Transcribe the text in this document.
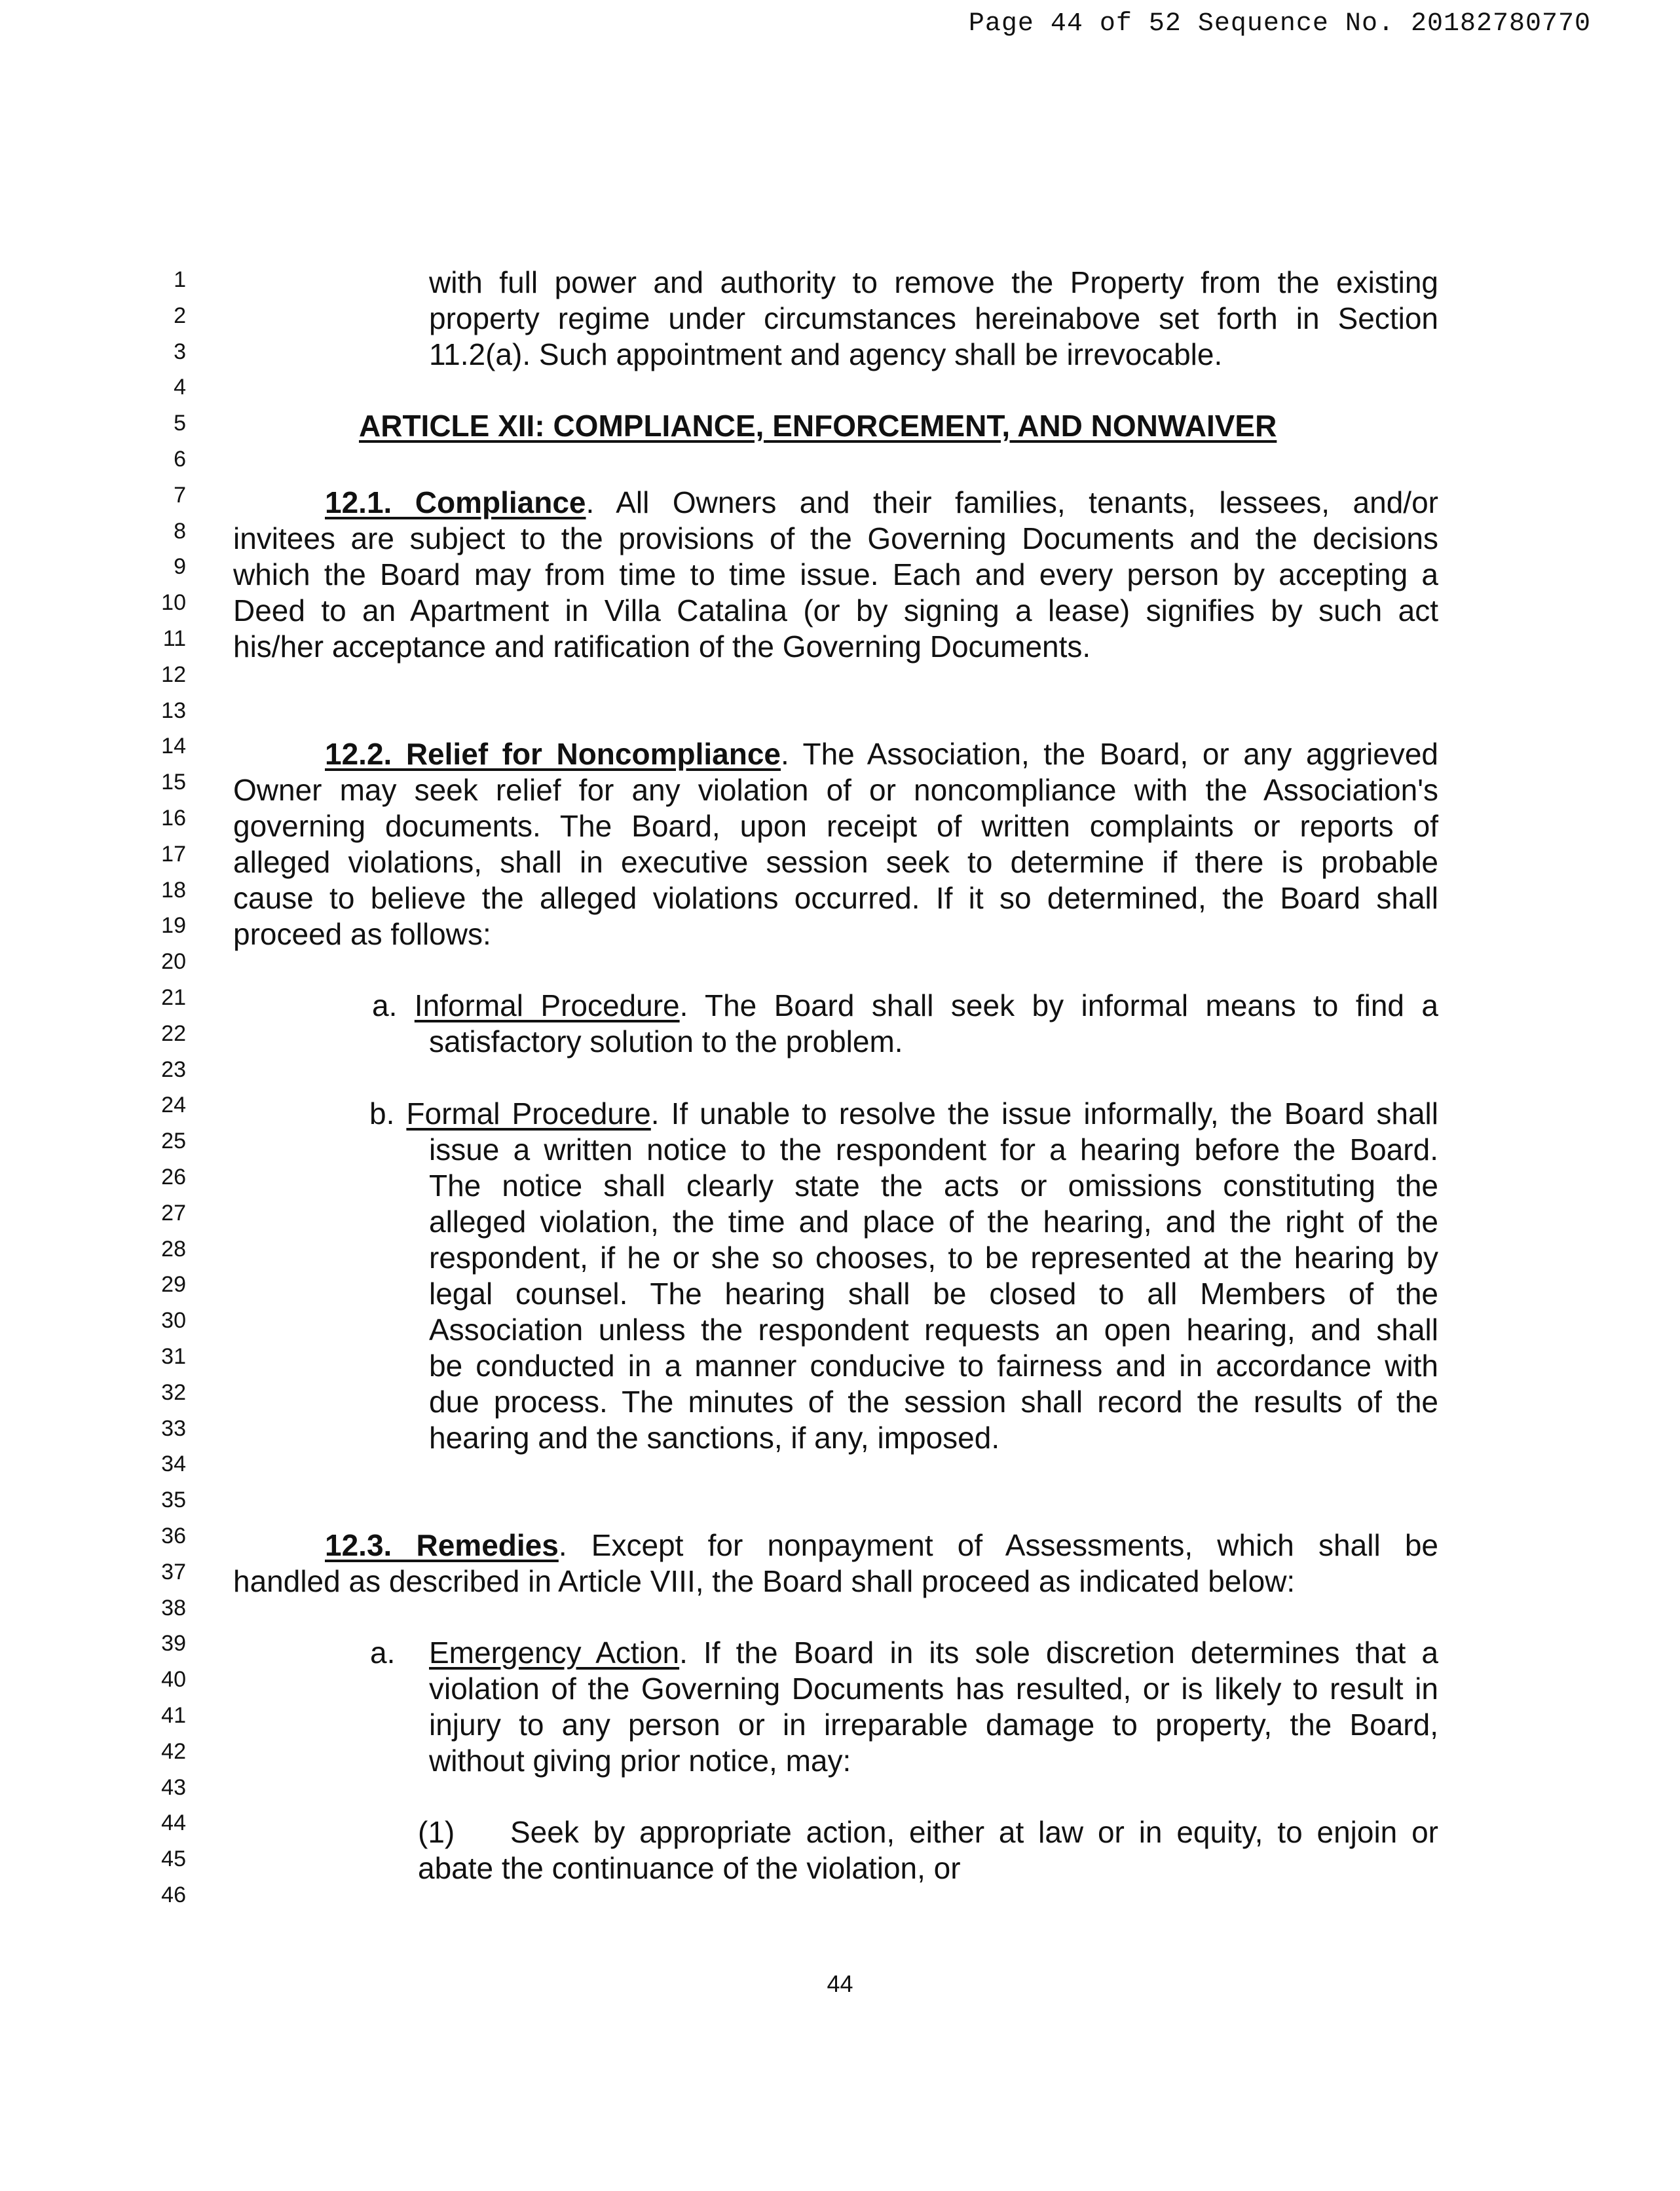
Page 44 of 52 Sequence No. 20182780770
1
2
3
4
5
6
7
8
9
10
11
12
13
14
15
16
17
18
19
20
21
22
23
24
25
26
27
28
29
30
31
32
33
34
35
36
37
38
39
40
41
42
43
44
45
46
with full power and authority to remove the Property from the existing
property regime under circumstances hereinabove set forth in Section
11.2(a). Such appointment and agency shall be irrevocable.
ARTICLE XII: COMPLIANCE, ENFORCEMENT, AND NONWAIVER
12.1. Compliance. All Owners and their families, tenants, lessees, and/or
invitees are subject to the provisions of the Governing Documents and the decisions
which the Board may from time to time issue. Each and every person by accepting a
Deed to an Apartment in Villa Catalina (or by signing a lease) signifies by such act
his/her acceptance and ratification of the Governing Documents.
12.2. Relief for Noncompliance. The Association, the Board, or any aggrieved
Owner may seek relief for any violation of or noncompliance with the Association's
governing documents. The Board, upon receipt of written complaints or reports of
alleged violations, shall in executive session seek to determine if there is probable
cause to believe the alleged violations occurred. If it so determined, the Board shall
proceed as follows:
a. Informal Procedure. The Board shall seek by informal means to find a
satisfactory solution to the problem.
b. Formal Procedure. If unable to resolve the issue informally, the Board shall
issue a written notice to the respondent for a hearing before the Board.
The notice shall clearly state the acts or omissions constituting the
alleged violation, the time and place of the hearing, and the right of the
respondent, if he or she so chooses, to be represented at the hearing by
legal counsel. The hearing shall be closed to all Members of the
Association unless the respondent requests an open hearing, and shall
be conducted in a manner conducive to fairness and in accordance with
due process. The minutes of the session shall record the results of the
hearing and the sanctions, if any, imposed.
12.3. Remedies. Except for nonpayment of Assessments, which shall be
handled as described in Article VIII, the Board shall proceed as indicated below:
a. Emergency Action. If the Board in its sole discretion determines that a
violation of the Governing Documents has resulted, or is likely to result in
injury to any person or in irreparable damage to property, the Board,
without giving prior notice, may:
(1) Seek by appropriate action, either at law or in equity, to enjoin or
abate the continuance of the violation, or
44
